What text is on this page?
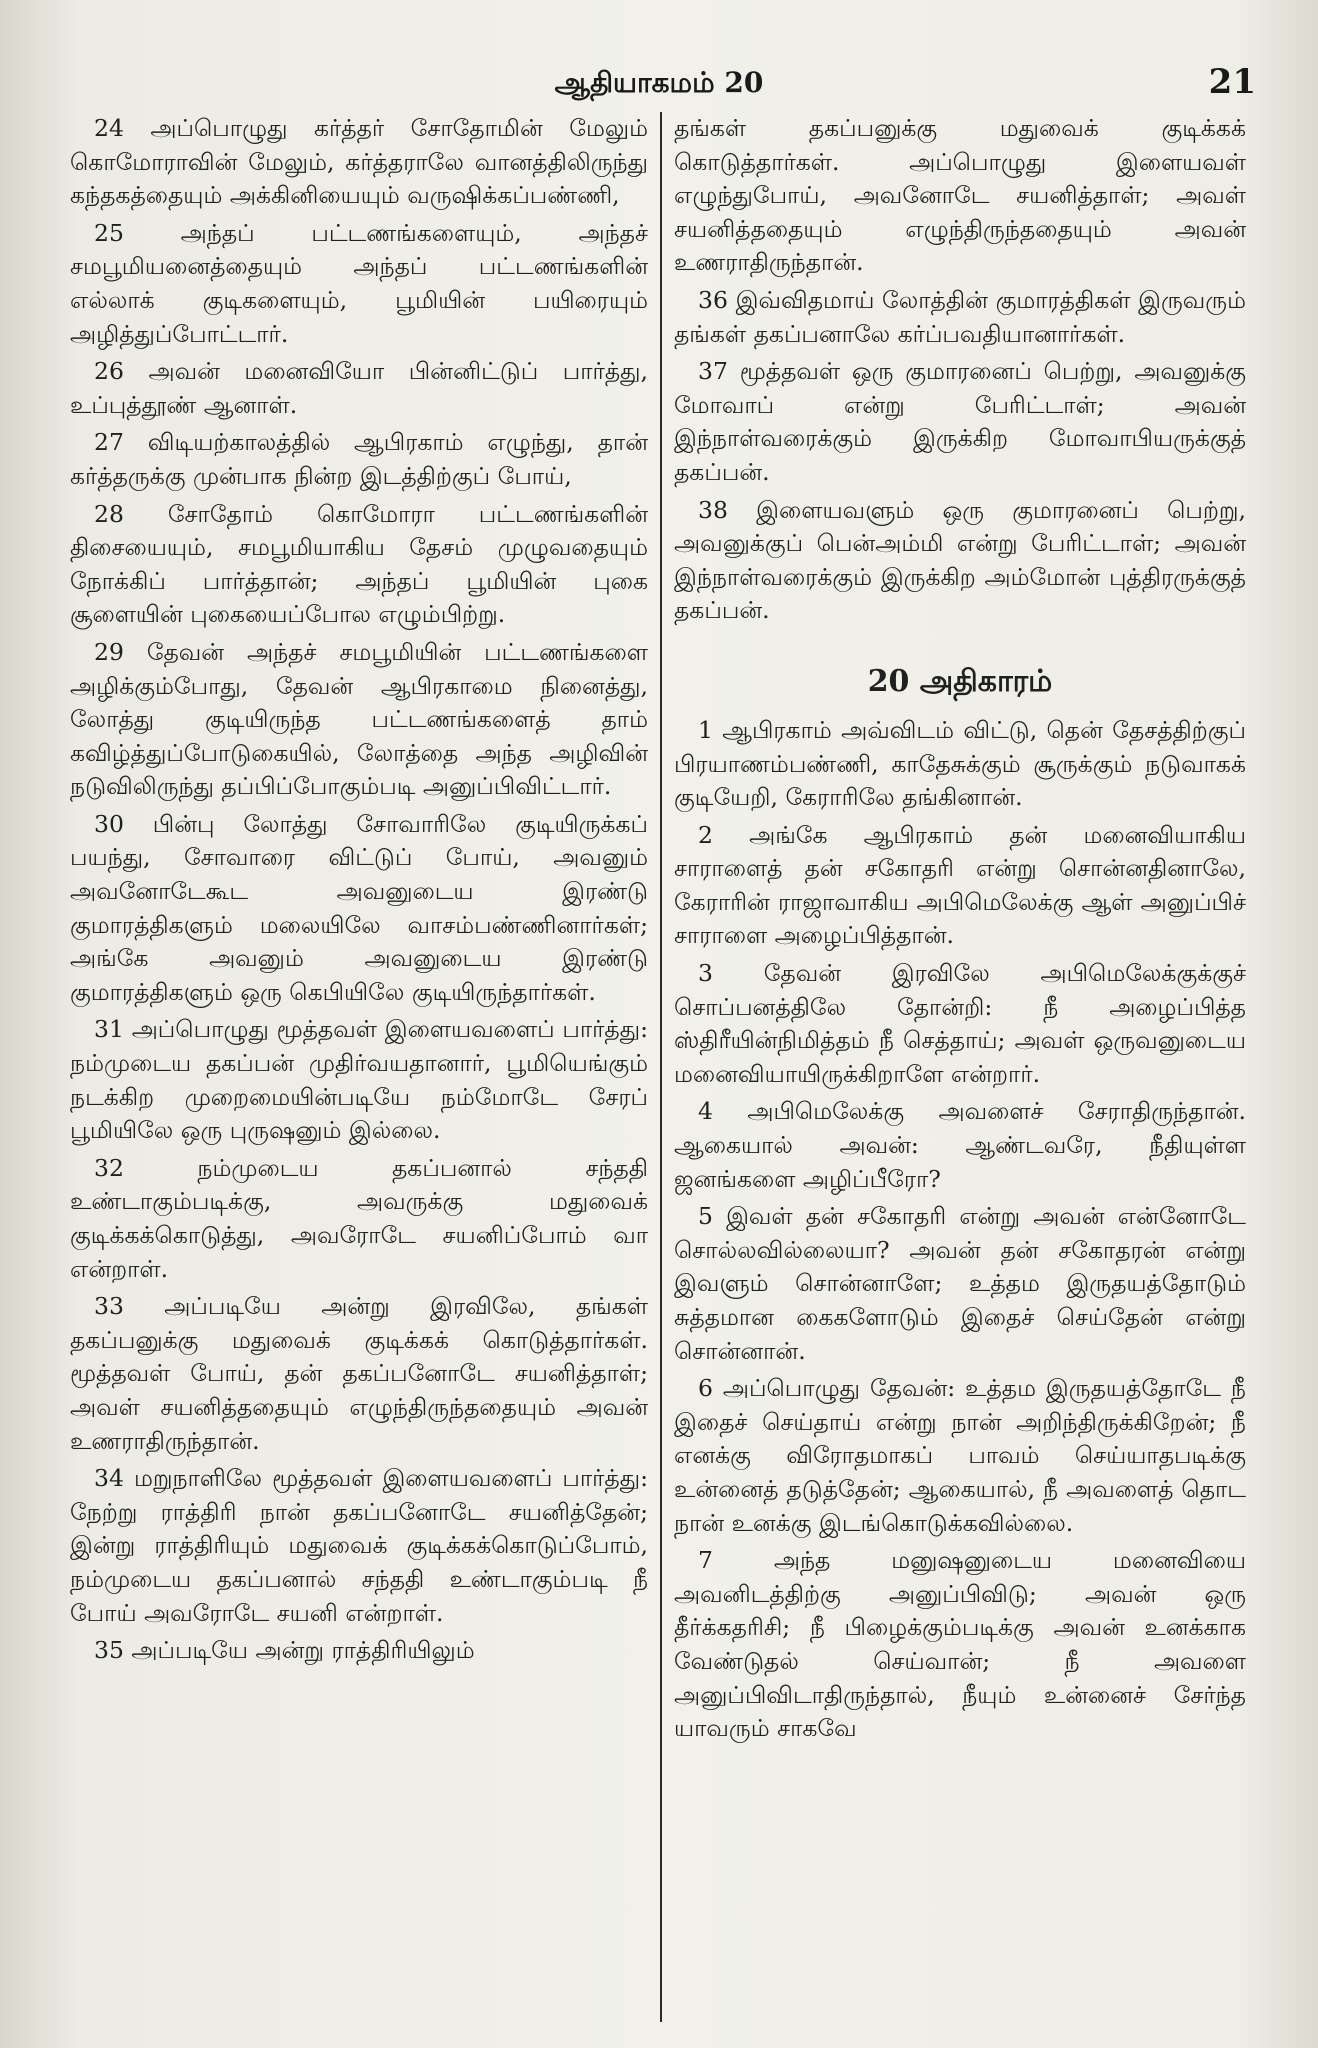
ஆதியாகமம் 20	21

24 அப்பொழுது கர்த்தர் சோதோமின் மேலும் கொமோராவின் மேலும், கர்த்தராலே வானத்திலிருந்து கந்தகத்தையும் அக்கினியையும் வருஷிக்கப்பண்ணி,

25 அந்தப் பட்டணங்களையும், அந்தச் சமபூமியனைத்தையும் அந்தப் பட்டணங்களின் எல்லாக் குடிகளையும், பூமியின் பயிரையும் அழித்துப்போட்டார்.

26 அவன் மனைவியோ பின்னிட்டுப் பார்த்து, உப்புத்தூண் ஆனாள்.

27 விடியற்காலத்தில் ஆபிரகாம் எழுந்து, தான் கர்த்தருக்கு முன்பாக நின்ற இடத்திற்குப் போய்,

28 சோதோம் கொமோரா பட்டணங்களின் திசையையும், சமபூமியாகிய தேசம் முழுவதையும் நோக்கிப் பார்த்தான்; அந்தப் பூமியின் புகை சூளையின் புகையைப்போல எழும்பிற்று.

29 தேவன் அந்தச் சமபூமியின் பட்டணங்களை அழிக்கும்போது, தேவன் ஆபிரகாமை நினைத்து, லோத்து குடியிருந்த பட்டணங்களைத் தாம் கவிழ்த்துப்போடுகையில், லோத்தை அந்த அழிவின் நடுவிலிருந்து தப்பிப்போகும்படி அனுப்பிவிட்டார்.

30 பின்பு லோத்து சோவாரிலே குடியிருக்கப் பயந்து, சோவாரை விட்டுப் போய், அவனும் அவனோடேகூட அவனுடைய இரண்டு குமாரத்திகளும் மலையிலே வாசம்பண்ணினார்கள்; அங்கே அவனும் அவனுடைய இரண்டு குமாரத்திகளும் ஒரு கெபியிலே குடியிருந்தார்கள்.

31 அப்பொழுது மூத்தவள் இளையவளைப் பார்த்து: நம்முடைய தகப்பன் முதிர்வயதானார், பூமியெங்கும் நடக்கிற முறைமையின்படியே நம்மோடே சேரப் பூமியிலே ஒரு புருஷனும் இல்லை.

32	நம்முடைய தகப்பனால் சந்ததி உண்டாகும்படிக்கு, அவருக்கு மதுவைக் குடிக்கக்கொடுத்து, அவரோடே சயனிப்போம் வா என்றாள்.

33 அப்படியே அன்று இரவிலே, தங்கள் தகப்பனுக்கு மதுவைக் குடிக்கக் கொடுத்தார்கள். மூத்தவள் போய், தன் தகப்பனோடே சயனித்தாள்; அவள் சயனித்ததையும் எழுந்திருந்ததையும் அவன் உணராதிருந்தான்.

34 மறுநாளிலே மூத்தவள் இளையவளைப் பார்த்து: நேற்று ராத்திரி நான் தகப்பனோடே சயனித்தேன்; இன்று ராத்திரியும் மதுவைக் குடிக்கக்கொடுப்போம், நம்முடைய தகப்பனால் சந்ததி உண்டாகும்படி நீ போய் அவரோடே சயனி என்றாள்.

35 அப்படியே அன்று ராத்திரியிலும்

தங்கள் தகப்பனுக்கு மதுவைக் குடிக்கக் கொடுத்தார்கள். அப்பொழுது இளையவள் எழுந்துபோய், அவனோடே சயனித்தாள்; அவள் சயனித்ததையும் எழுந்திருந்ததையும் அவன் உணராதிருந்தான்.

36 இவ்விதமாய் லோத்தின் குமாரத்திகள் இருவரும் தங்கள் தகப்பனாலே கர்ப்பவதியானார்கள்.

37 மூத்தவள் ஒரு குமாரனைப் பெற்று, அவனுக்கு மோவாப் என்று பேரிட்டாள்; அவன் இந்நாள்வரைக்கும் இருக்கிற மோவாபியருக்குத் தகப்பன்.

38 இளையவளும் ஒரு குமாரனைப் பெற்று, அவனுக்குப் பென்அம்மி என்று பேரிட்டாள்; அவன் இந்நாள்வரைக்கும் இருக்கிற அம்மோன் புத்திரருக்குத் தகப்பன்.

20 அதிகாரம்

1 ஆபிரகாம் அவ்விடம் விட்டு, தென் தேசத்திற்குப் பிரயாணம்பண்ணி, காதேசுக்கும் சூருக்கும் நடுவாகக் குடியேறி, கேராரிலே தங்கினான்.

2 அங்கே ஆபிரகாம் தன் மனைவியாகிய சாராளைத் தன் சகோதரி என்று சொன்னதினாலே, கேராரின் ராஜாவாகிய அபிமெலேக்கு ஆள் அனுப்பிச் சாராளை அழைப்பித்தான்.

3 தேவன் இரவிலே அபிமெலேக்குக்குச் சொப்பனத்திலே தோன்றி: நீ அழைப்பித்த ஸ்திரீயின்நிமித்தம் நீ செத்தாய்; அவள் ஒருவனுடைய மனைவியாயிருக்கிறாளே என்றார்.

4 அபிமெலேக்கு அவளைச் சேராதிருந்தான். ஆகையால் அவன்: ஆண்டவரே, நீதியுள்ள ஜனங்களை அழிப்பீரோ?

5 இவள் தன் சகோதரி என்று அவன் என்னோடே சொல்லவில்லையா? அவன் தன் சகோதரன் என்று இவளும் சொன்னாளே; உத்தம இருதயத்தோடும் சுத்தமான கைகளோடும் இதைச் செய்தேன் என்று சொன்னான்.

6 அப்பொழுது தேவன்: உத்தம இருதயத்தோடே நீ இதைச் செய்தாய் என்று நான் அறிந்திருக்கிறேன்; நீ எனக்கு விரோதமாகப் பாவம் செய்யாதபடிக்கு உன்னைத் தடுத்தேன்; ஆகையால், நீ அவளைத் தொட நான் உனக்கு இடங்கொடுக்கவில்லை.

7	அந்த மனுஷனுடைய மனைவியை அவனிடத்திற்கு அனுப்பிவிடு; அவன் ஒரு தீர்க்கதரிசி; நீ பிழைக்கும்படிக்கு அவன் உனக்காக வேண்டுதல் செய்வான்; நீ அவளை அனுப்பிவிடாதிருந்தால், நீயும் உன்னைச் சேர்ந்த யாவரும் சாகவே
